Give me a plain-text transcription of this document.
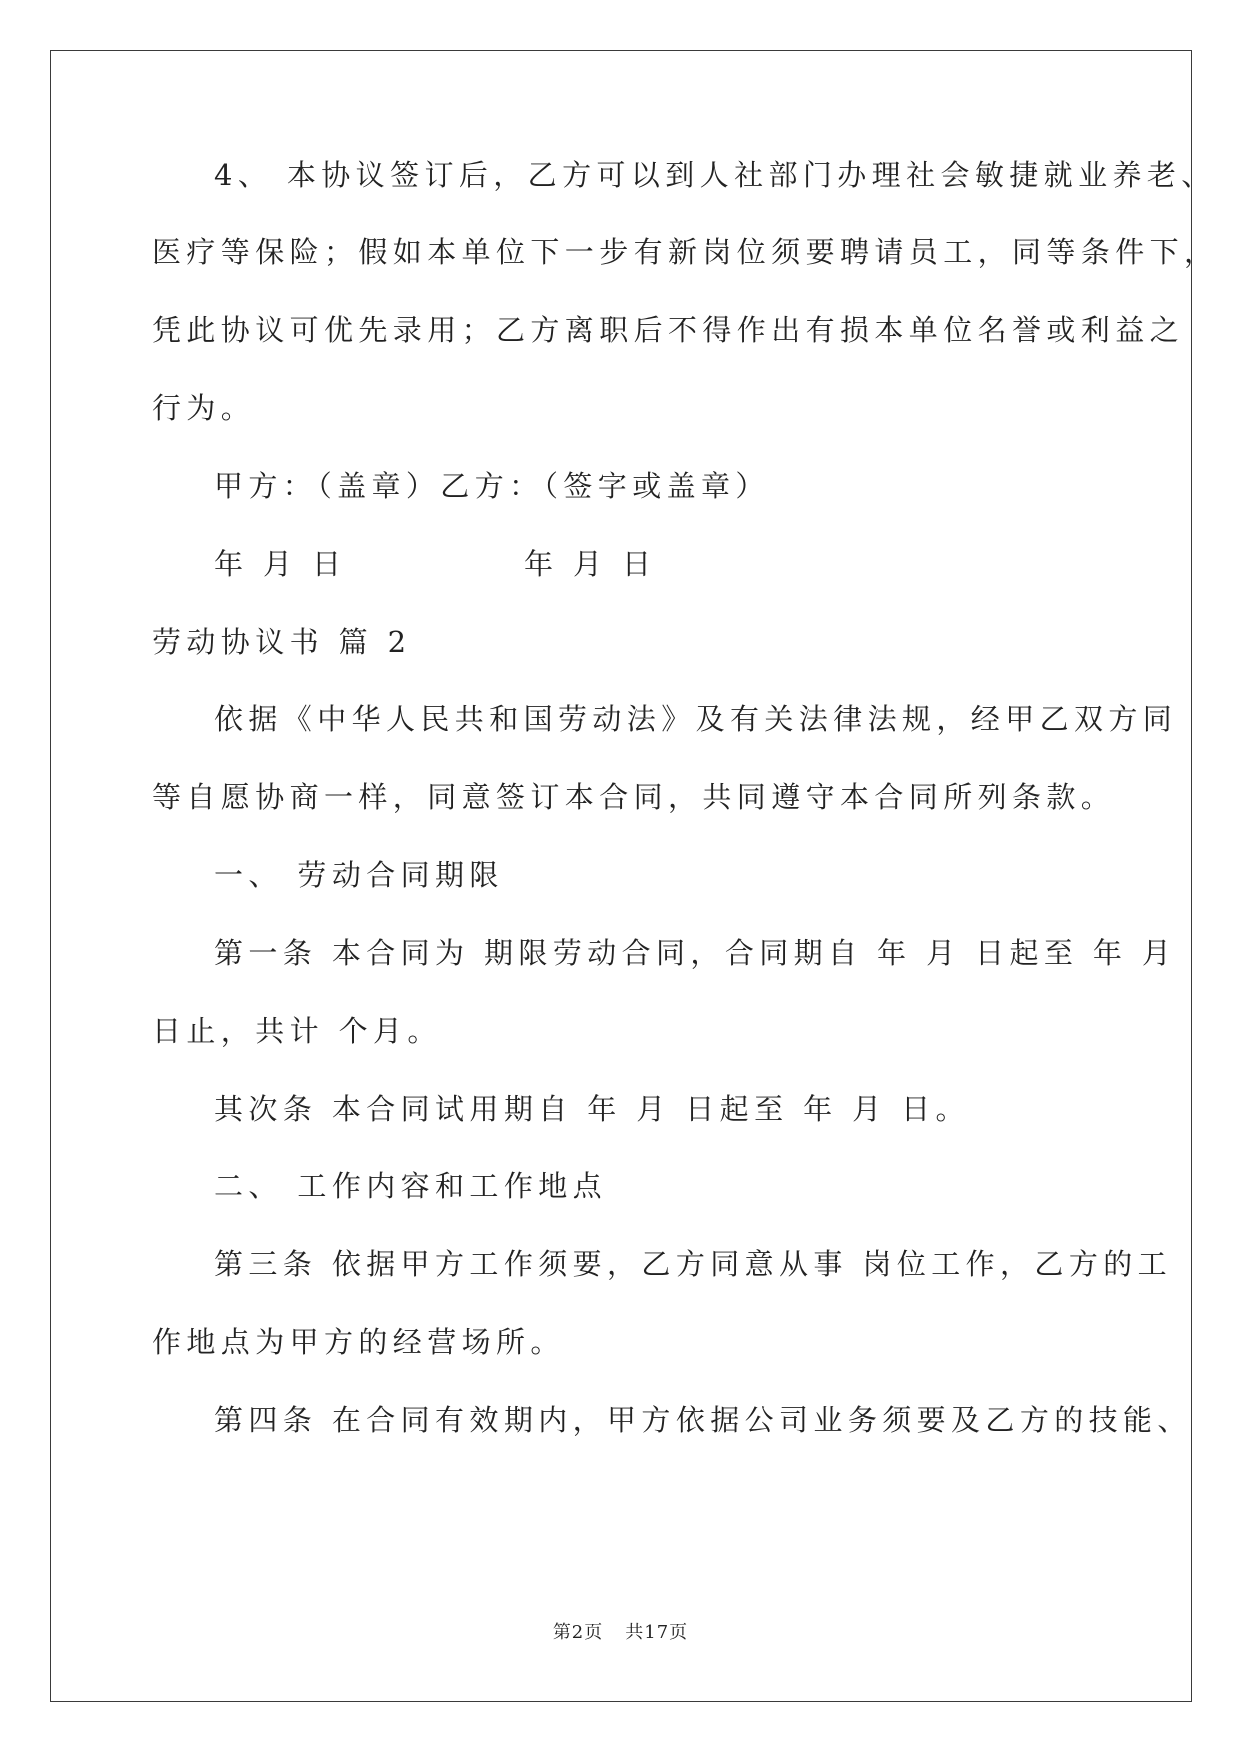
4、 本协议签订后，乙方可以到人社部门办理社会敏捷就业养老、
医疗等保险；假如本单位下一步有新岗位须要聘请员工，同等条件下，
凭此协议可优先录用；乙方离职后不得作出有损本单位名誉或利益之
行为。
甲方：（盖章）乙方：（签字或盖章）
年 月 日	年 月 日
劳动协议书 篇 2
依据《中华人民共和国劳动法》及有关法律法规，经甲乙双方同
等自愿协商一样，同意签订本合同，共同遵守本合同所列条款。
一、 劳动合同期限
第一条 本合同为 期限劳动合同，合同期自 年 月 日起至 年 月
日止，共计 个月。
其次条 本合同试用期自 年 月 日起至 年 月 日。
二、 工作内容和工作地点
第三条 依据甲方工作须要，乙方同意从事 岗位工作，乙方的工
作地点为甲方的经营场所。
第四条 在合同有效期内，甲方依据公司业务须要及乙方的技能、
第2页 共17页
